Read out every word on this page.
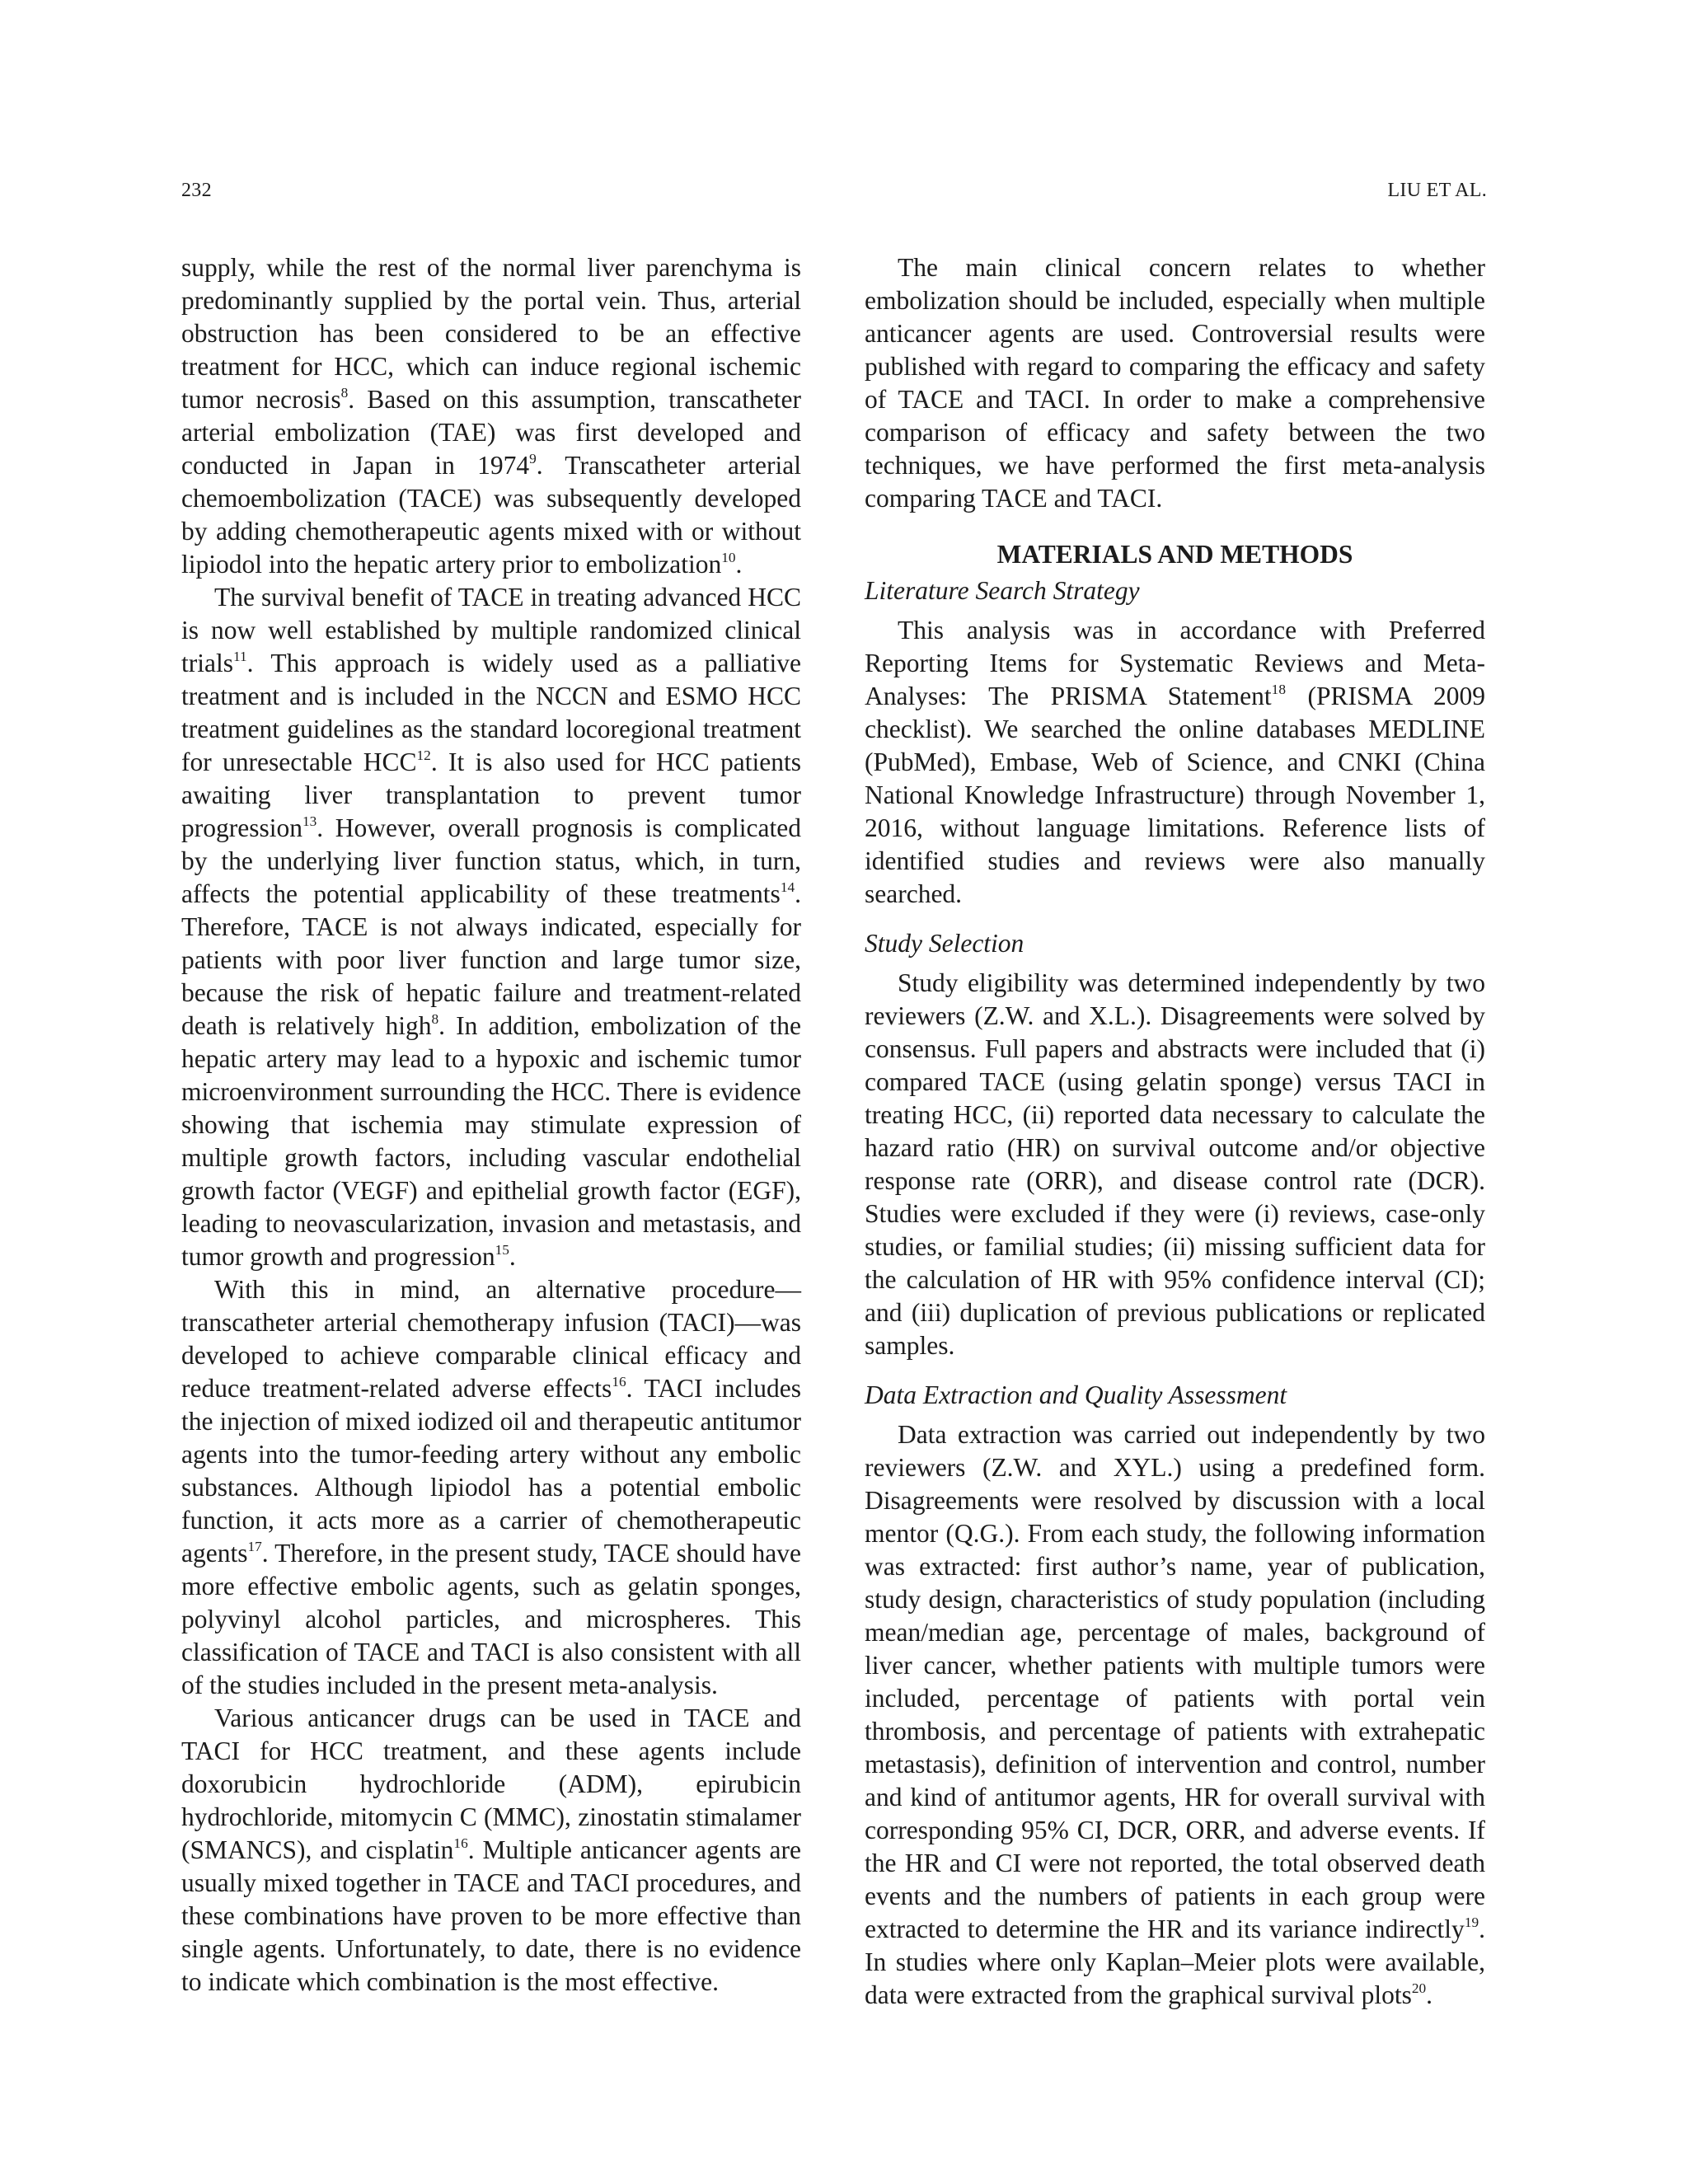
232	LIU ET AL.

supply, while the rest of the normal liver parenchyma is predominantly supplied by the portal vein. Thus, arterial obstruction has been considered to be an effective treatment for HCC, which can induce regional ischemic tumor necrosis$^8$. Based on this assumption, transcatheter arterial embolization (TAE) was first developed and conducted in Japan in 1974$^9$. Transcatheter arterial chemoembolization (TACE) was subsequently developed by adding chemotherapeutic agents mixed with or without lipiodol into the hepatic artery prior to embolization$^{10}$.

The survival benefit of TACE in treating advanced HCC is now well established by multiple randomized clinical trials$^{11}$. This approach is widely used as a palliative treatment and is included in the NCCN and ESMO HCC treatment guidelines as the standard locoregional treatment for unresectable HCC$^{12}$. It is also used for HCC patients awaiting liver transplantation to prevent tumor progression$^{13}$. However, overall prognosis is complicated by the underlying liver function status, which, in turn, affects the potential applicability of these treatments$^{14}$. Therefore, TACE is not always indicated, especially for patients with poor liver function and large tumor size, because the risk of hepatic failure and treatment-related death is relatively high$^8$. In addition, embolization of the hepatic artery may lead to a hypoxic and ischemic tumor microenvironment surrounding the HCC. There is evidence showing that ischemia may stimulate expression of multiple growth factors, including vascular endothelial growth factor (VEGF) and epithelial growth factor (EGF), leading to neovascularization, invasion and metastasis, and tumor growth and progression$^{15}$.

With this in mind, an alternative procedure—transcatheter arterial chemotherapy infusion (TACI)—was developed to achieve comparable clinical efficacy and reduce treatment-related adverse effects$^{16}$. TACI includes the injection of mixed iodized oil and therapeutic antitumor agents into the tumor-feeding artery without any embolic substances. Although lipiodol has a potential embolic function, it acts more as a carrier of chemotherapeutic agents$^{17}$. Therefore, in the present study, TACE should have more effective embolic agents, such as gelatin sponges, polyvinyl alcohol particles, and microspheres. This classification of TACE and TACI is also consistent with all of the studies included in the present meta-analysis.

Various anticancer drugs can be used in TACE and TACI for HCC treatment, and these agents include doxorubicin hydrochloride (ADM), epirubicin hydrochloride, mitomycin C (MMC), zinostatin stimalamer (SMANCS), and cisplatin$^{16}$. Multiple anticancer agents are usually mixed together in TACE and TACI procedures, and these combinations have proven to be more effective than single agents. Unfortunately, to date, there is no evidence to indicate which combination is the most effective.

The main clinical concern relates to whether embolization should be included, especially when multiple anticancer agents are used. Controversial results were published with regard to comparing the efficacy and safety of TACE and TACI. In order to make a comprehensive comparison of efficacy and safety between the two techniques, we have performed the first meta-analysis comparing TACE and TACI.

MATERIALS AND METHODS
Literature Search Strategy

This analysis was in accordance with Preferred Reporting Items for Systematic Reviews and Meta-Analyses: The PRISMA Statement$^{18}$ (PRISMA 2009 checklist). We searched the online databases MEDLINE (PubMed), Embase, Web of Science, and CNKI (China National Knowledge Infrastructure) through November 1, 2016, without language limitations. Reference lists of identified studies and reviews were also manually searched.

Study Selection

Study eligibility was determined independently by two reviewers (Z.W. and X.L.). Disagreements were solved by consensus. Full papers and abstracts were included that (i) compared TACE (using gelatin sponge) versus TACI in treating HCC, (ii) reported data necessary to calculate the hazard ratio (HR) on survival outcome and/or objective response rate (ORR), and disease control rate (DCR). Studies were excluded if they were (i) reviews, case-only studies, or familial studies; (ii) missing sufficient data for the calculation of HR with 95% confidence interval (CI); and (iii) duplication of previous publications or replicated samples.

Data Extraction and Quality Assessment

Data extraction was carried out independently by two reviewers (Z.W. and XYL.) using a predefined form. Disagreements were resolved by discussion with a local mentor (Q.G.). From each study, the following information was extracted: first author’s name, year of publication, study design, characteristics of study population (including mean/median age, percentage of males, background of liver cancer, whether patients with multiple tumors were included, percentage of patients with portal vein thrombosis, and percentage of patients with extrahepatic metastasis), definition of intervention and control, number and kind of antitumor agents, HR for overall survival with corresponding 95% CI, DCR, ORR, and adverse events. If the HR and CI were not reported, the total observed death events and the numbers of patients in each group were extracted to determine the HR and its variance indirectly$^{19}$. In studies where only Kaplan–Meier plots were available, data were extracted from the graphical survival plots$^{20}$.
